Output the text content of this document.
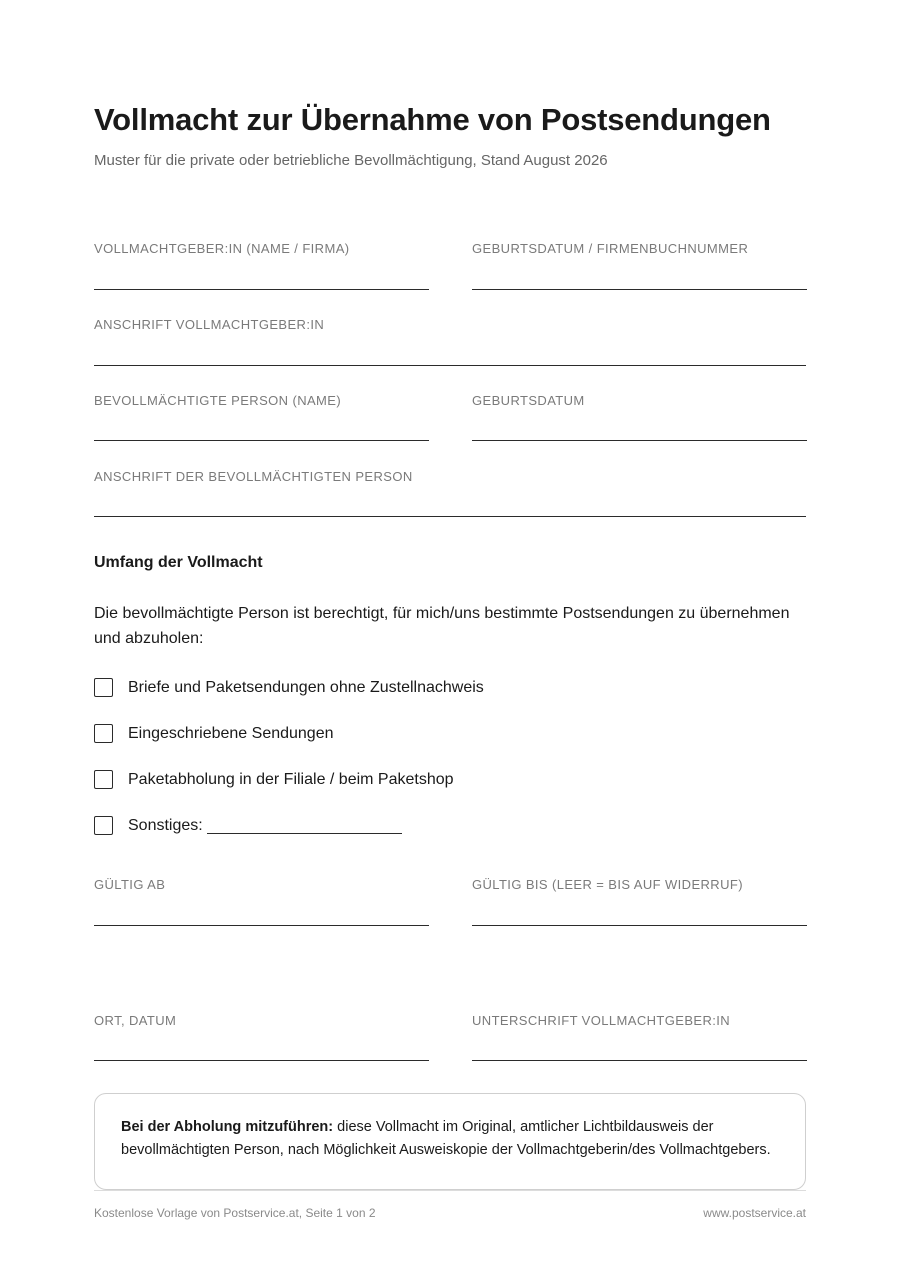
Vollmacht zur Übernahme von Postsendungen
Muster für die private oder betriebliche Bevollmächtigung, Stand August 2026
VOLLMACHTGEBER:IN (NAME / FIRMA)	GEBURTSDATUM / FIRMENBUCHNUMMER
ANSCHRIFT VOLLMACHTGEBER:IN
BEVOLLMÄCHTIGTE PERSON (NAME)	GEBURTSDATUM
ANSCHRIFT DER BEVOLLMÄCHTIGTEN PERSON
Umfang der Vollmacht
Die bevollmächtigte Person ist berechtigt, für mich/uns bestimmte Postsendungen zu übernehmen und abzuholen:
Briefe und Paketsendungen ohne Zustellnachweis
Eingeschriebene Sendungen
Paketabholung in der Filiale / beim Paketshop
Sonstiges:
GÜLTIG AB	GÜLTIG BIS (LEER = BIS AUF WIDERRUF)
ORT, DATUM	UNTERSCHRIFT VOLLMACHTGEBER:IN
Bei der Abholung mitzuführen: diese Vollmacht im Original, amtlicher Lichtbildausweis der bevollmächtigten Person, nach Möglichkeit Ausweiskopie der Vollmachtgeberin/des Vollmachtgebers.
Kostenlose Vorlage von Postservice.at, Seite 1 von 2	www.postservice.at
